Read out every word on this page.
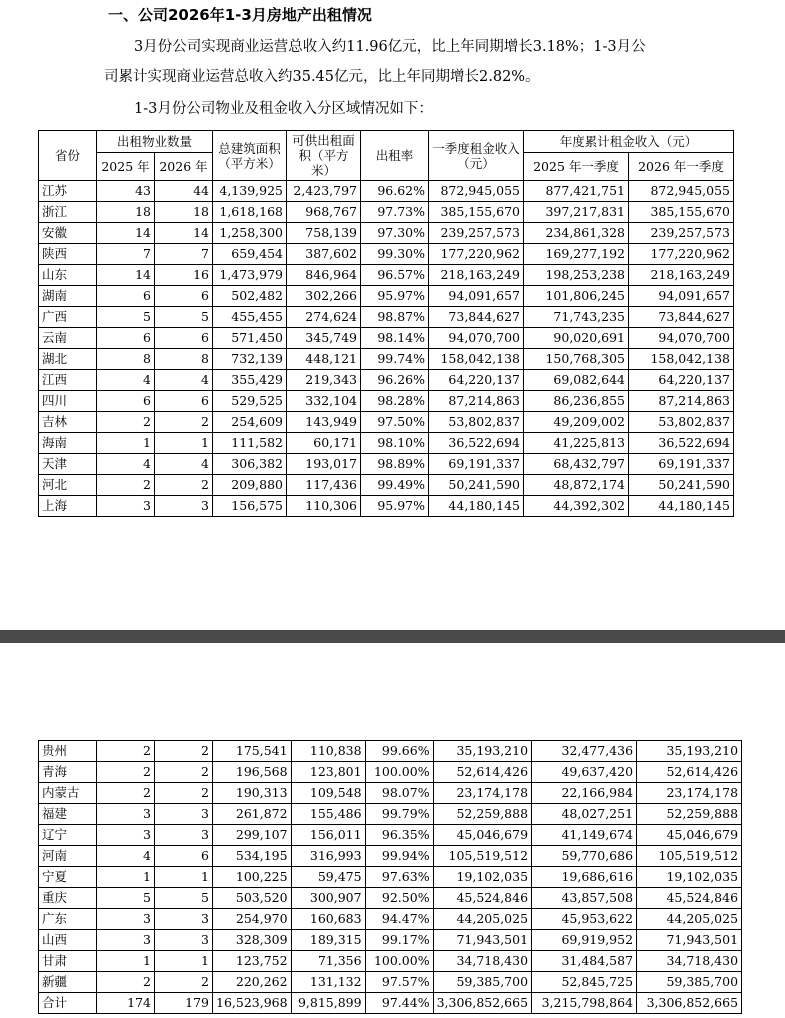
一、公司2026年1-3月房地产出租情况
3月份公司实现商业运营总收入约11.96亿元，比上年同期增长3.18%；1-3月公
司累计实现商业运营总收入约35.45亿元，比上年同期增长2.82%。
1-3月份公司物业及租金收入分区域情况如下：
省份	出租物业数量		总建筑面积（平方米）	可供出租面积（平方米）	出租率	一季度租金收入（元）	年度累计租金收入（元）	
	2025 年	2026 年					2025 年一季度	2026 年一季度
江苏	43	44	4,139,925	2,423,797	96.62%	872,945,055	877,421,751	872,945,055
浙江	18	18	1,618,168	968,767	97.73%	385,155,670	397,217,831	385,155,670
安徽	14	14	1,258,300	758,139	97.30%	239,257,573	234,861,328	239,257,573
陕西	7	7	659,454	387,602	99.30%	177,220,962	169,277,192	177,220,962
山东	14	16	1,473,979	846,964	96.57%	218,163,249	198,253,238	218,163,249
湖南	6	6	502,482	302,266	95.97%	94,091,657	101,806,245	94,091,657
广西	5	5	455,455	274,624	98.87%	73,844,627	71,743,235	73,844,627
云南	6	6	571,450	345,749	98.14%	94,070,700	90,020,691	94,070,700
湖北	8	8	732,139	448,121	99.74%	158,042,138	150,768,305	158,042,138
江西	4	4	355,429	219,343	96.26%	64,220,137	69,082,644	64,220,137
四川	6	6	529,525	332,104	98.28%	87,214,863	86,236,855	87,214,863
吉林	2	2	254,609	143,949	97.50%	53,802,837	49,209,002	53,802,837
海南	1	1	111,582	60,171	98.10%	36,522,694	41,225,813	36,522,694
天津	4	4	306,382	193,017	98.89%	69,191,337	68,432,797	69,191,337
河北	2	2	209,880	117,436	99.49%	50,241,590	48,872,174	50,241,590
上海	3	3	156,575	110,306	95.97%	44,180,145	44,392,302	44,180,145
贵州	2	2	175,541	110,838	99.66%	35,193,210	32,477,436	35,193,210
青海	2	2	196,568	123,801	100.00%	52,614,426	49,637,420	52,614,426
内蒙古	2	2	190,313	109,548	98.07%	23,174,178	22,166,984	23,174,178
福建	3	3	261,872	155,486	99.79%	52,259,888	48,027,251	52,259,888
辽宁	3	3	299,107	156,011	96.35%	45,046,679	41,149,674	45,046,679
河南	4	6	534,195	316,993	99.94%	105,519,512	59,770,686	105,519,512
宁夏	1	1	100,225	59,475	97.63%	19,102,035	19,686,616	19,102,035
重庆	5	5	503,520	300,907	92.50%	45,524,846	43,857,508	45,524,846
广东	3	3	254,970	160,683	94.47%	44,205,025	45,953,622	44,205,025
山西	3	3	328,309	189,315	99.17%	71,943,501	69,919,952	71,943,501
甘肃	1	1	123,752	71,356	100.00%	34,718,430	31,484,587	34,718,430
新疆	2	2	220,262	131,132	97.57%	59,385,700	52,845,725	59,385,700
合计	174	179	16,523,968	9,815,899	97.44%	3,306,852,665	3,215,798,864	3,306,852,665
